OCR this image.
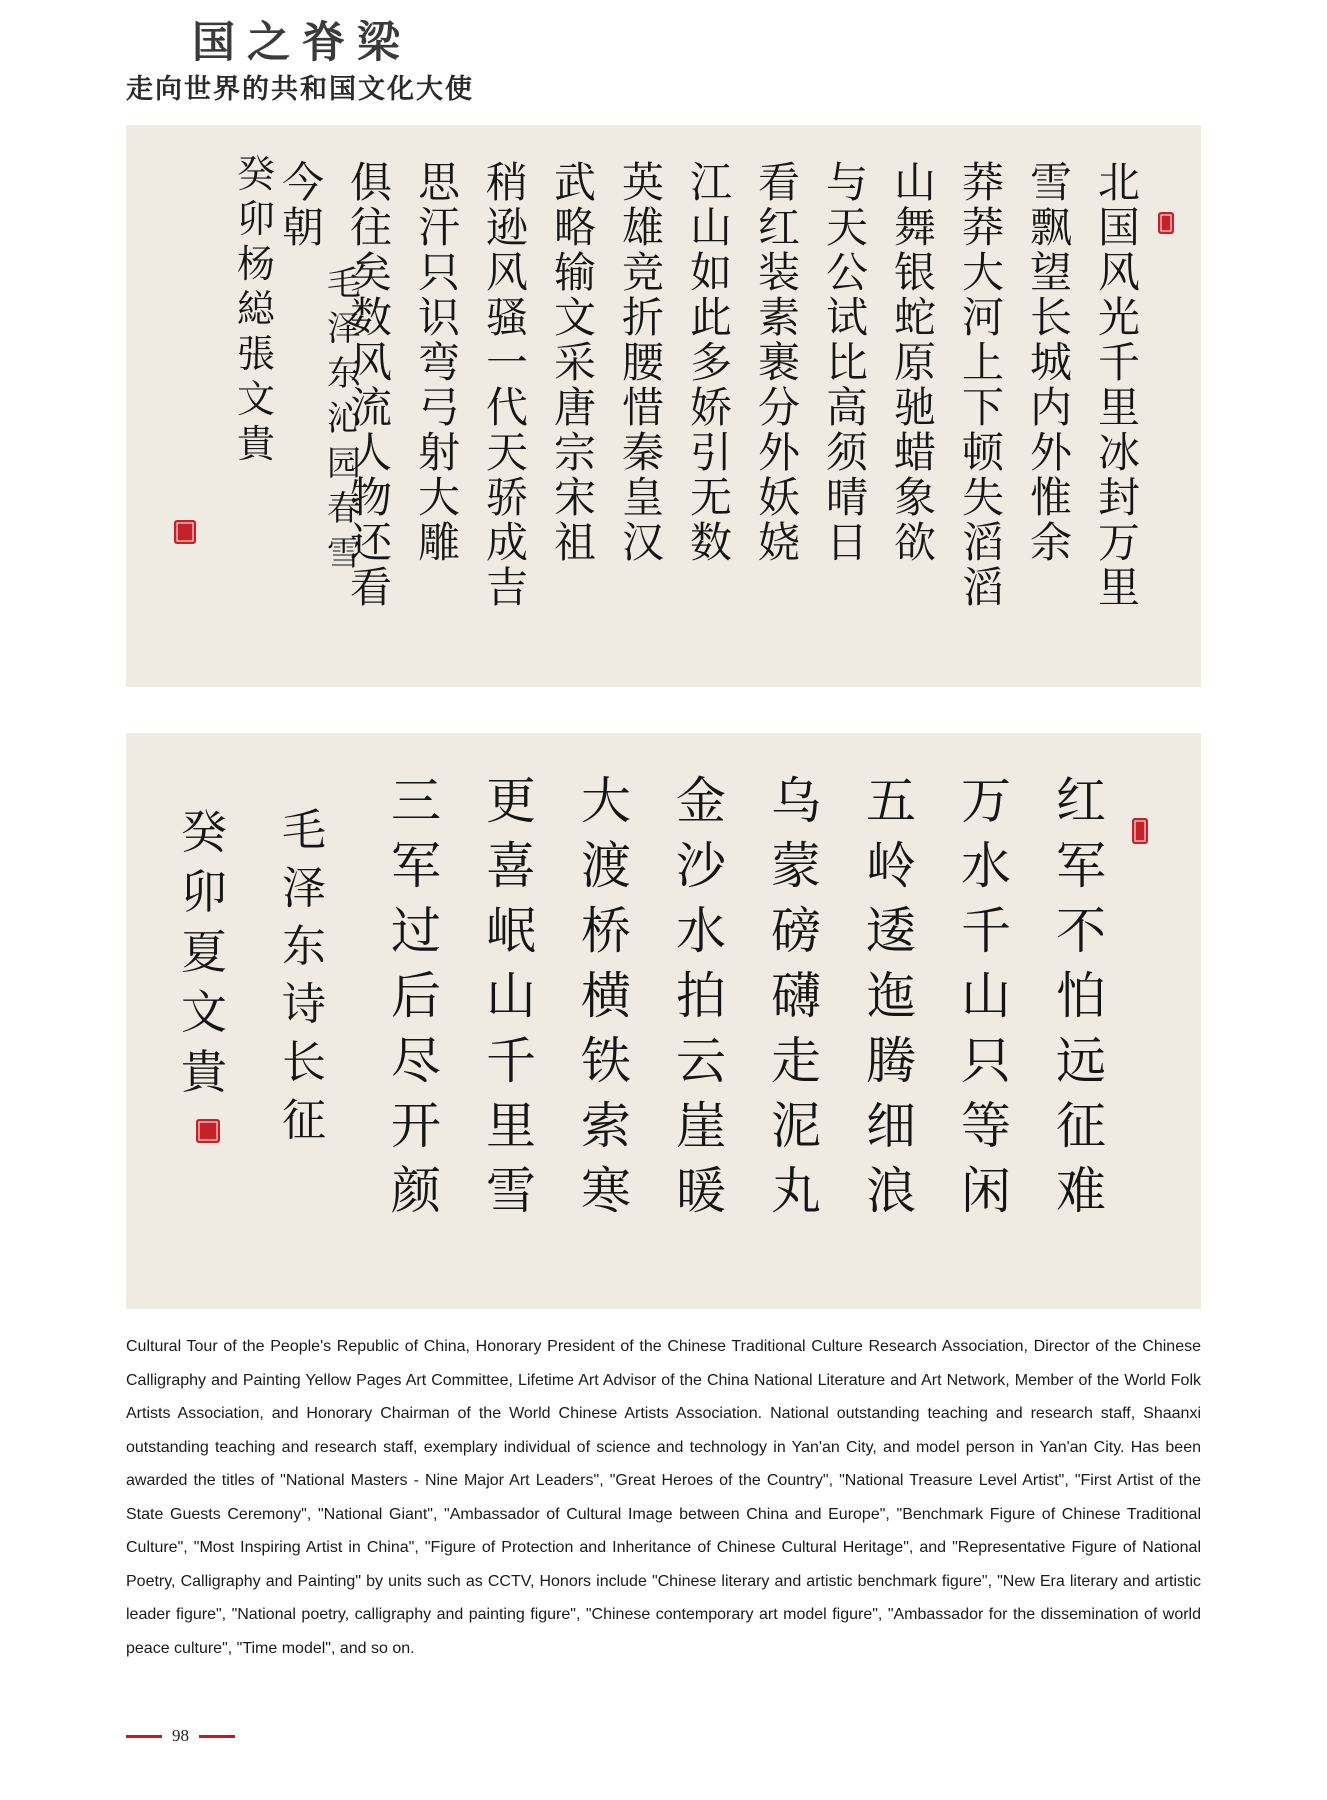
国之脊梁
走向世界的共和国文化大使
北国风光千里冰封万里
雪飘望长城内外惟余
莽莽大河上下顿失滔滔
山舞银蛇原驰蜡象欲
与天公试比高须晴日
看红装素裹分外妖娆
江山如此多娇引无数
英雄竞折腰惜秦皇汉
武略输文采唐宗宋祖
稍逊风骚一代天骄成吉
思汗只识弯弓射大雕
俱往矣数风流人物还看
今朝
毛泽东沁园春雪
癸卯杨縂張文貴
红军不怕远征难
万水千山只等闲
五岭逶迤腾细浪
乌蒙磅礴走泥丸
金沙水拍云崖暖
大渡桥横铁索寒
更喜岷山千里雪
三军过后尽开颜
毛泽东诗长征
癸卯夏文貴

Cultural Tour of the People's Republic of China, Honorary President of the Chinese Traditional Culture Research Association, Director of the Chinese Calligraphy and Painting Yellow Pages Art Committee, Lifetime Art Advisor of the China National Literature and Art Network, Member of the World Folk Artists Association, and Honorary Chairman of the World Chinese Artists Association. National outstanding teaching and research staff, Shaanxi outstanding teaching and research staff, exemplary individual of science and technology in Yan'an City, and model person in Yan'an City. Has been awarded the titles of "National Masters - Nine Major Art Leaders", "Great Heroes of the Country", "National Treasure Level Artist", "First Artist of the State Guests Ceremony", "National Giant", "Ambassador of Cultural Image between China and Europe", "Benchmark Figure of Chinese Traditional Culture", "Most Inspiring Artist in China", "Figure of Protection and Inheritance of Chinese Cultural Heritage", and "Representative Figure of National Poetry, Calligraphy and Painting" by units such as CCTV, Honors include "Chinese literary and artistic benchmark figure", "New Era literary and artistic leader figure", "National poetry, calligraphy and painting figure", "Chinese contemporary art model figure", "Ambassador for the dissemination of world peace culture", "Time model", and so on.

98
